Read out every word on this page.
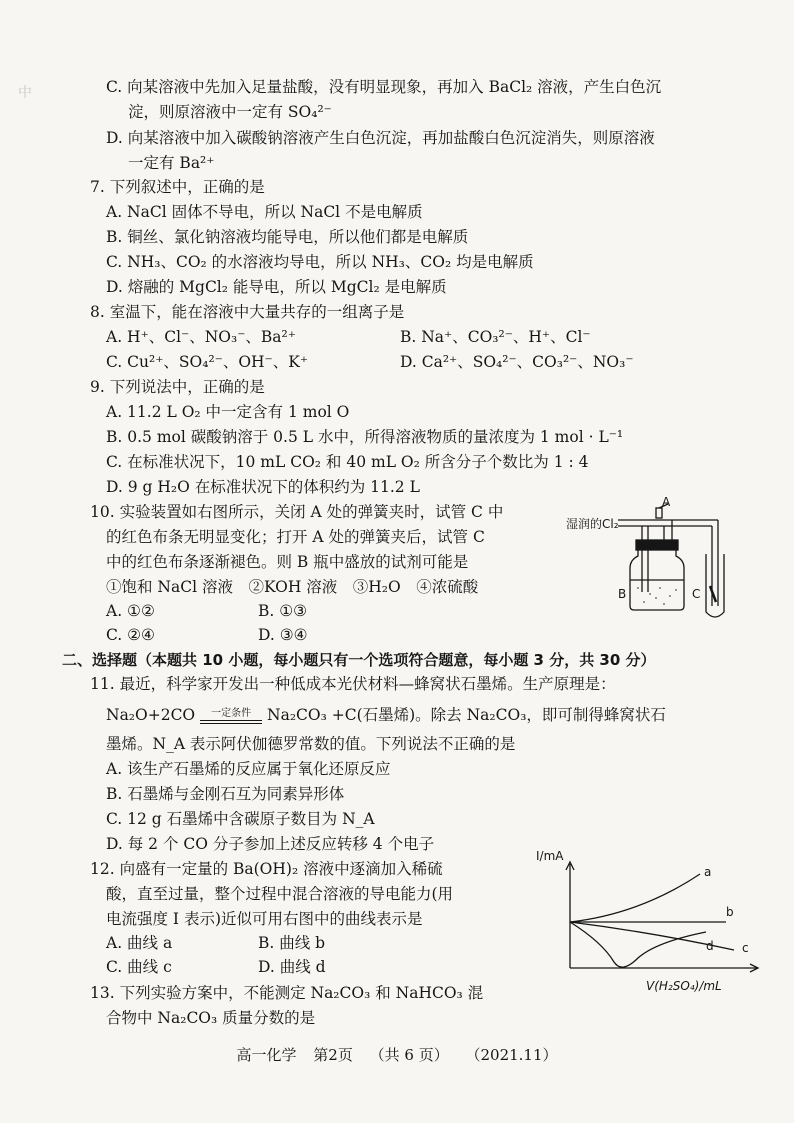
中	C. 向某溶液中先加入足量盐酸，没有明显现象，再加入 BaCl₂ 溶液，产生白色沉
淀，则原溶液中一定有 SO₄²⁻
D. 向某溶液中加入碳酸钠溶液产生白色沉淀，再加盐酸白色沉淀消失，则原溶液
一定有 Ba²⁺
7. 下列叙述中，正确的是
A. NaCl 固体不导电，所以 NaCl 不是电解质
B. 铜丝、氯化钠溶液均能导电，所以他们都是电解质
C. NH₃、CO₂ 的水溶液均导电，所以 NH₃、CO₂ 均是电解质
D. 熔融的 MgCl₂ 能导电，所以 MgCl₂ 是电解质
8. 室温下，能在溶液中大量共存的一组离子是
A. H⁺、Cl⁻、NO₃⁻、Ba²⁺	B. Na⁺、CO₃²⁻、H⁺、Cl⁻
C. Cu²⁺、SO₄²⁻、OH⁻、K⁺	D. Ca²⁺、SO₄²⁻、CO₃²⁻、NO₃⁻
9. 下列说法中，正确的是
A. 11.2 L O₂ 中一定含有 1 mol O
B. 0.5 mol 碳酸钠溶于 0.5 L 水中，所得溶液物质的量浓度为 1 mol · L⁻¹
C. 在标准状况下，10 mL CO₂ 和 40 mL O₂ 所含分子个数比为 1 : 4
D. 9 g H₂O 在标准状况下的体积约为 11.2 L
10. 实验装置如右图所示，关闭 A 处的弹簧夹时，试管 C 中
的红色布条无明显变化；打开 A 处的弹簧夹后，试管 C
中的红色布条逐渐褪色。则 B 瓶中盛放的试剂可能是
①饱和 NaCl 溶液　②KOH 溶液　③H₂O　④浓硫酸
A. ①②	B. ①③
C. ②④	D. ③④
A
湿润的Cl₂
B	C
二、选择题（本题共 10 小题，每小题只有一个选项符合题意，每小题 3 分，共 30 分）
11. 最近，科学家开发出一种低成本光伏材料—蜂窝状石墨烯。生产原理是：
Na₂O+2CO	一定条件	Na₂CO₃ +C(石墨烯)。除去 Na₂CO₃，即可制得蜂窝状石
墨烯。N_A 表示阿伏伽德罗常数的值。下列说法不正确的是
A. 该生产石墨烯的反应属于氧化还原反应
B. 石墨烯与金刚石互为同素异形体
C. 12 g 石墨烯中含碳原子数目为 N_A
D. 每 2 个 CO 分子参加上述反应转移 4 个电子
12. 向盛有一定量的 Ba(OH)₂ 溶液中逐滴加入稀硫
酸，直至过量，整个过程中混合溶液的导电能力(用
电流强度 I 表示)近似可用右图中的曲线表示是
A. 曲线 a	B. 曲线 b
C. 曲线 c	D. 曲线 d
I/mA
V(H₂SO₄)/mL
a
b
c
d
13. 下列实验方案中，不能测定 Na₂CO₃ 和 NaHCO₃ 混
合物中 Na₂CO₃ 质量分数的是
高一化学 第2页 （共 6 页） （2021.11）
